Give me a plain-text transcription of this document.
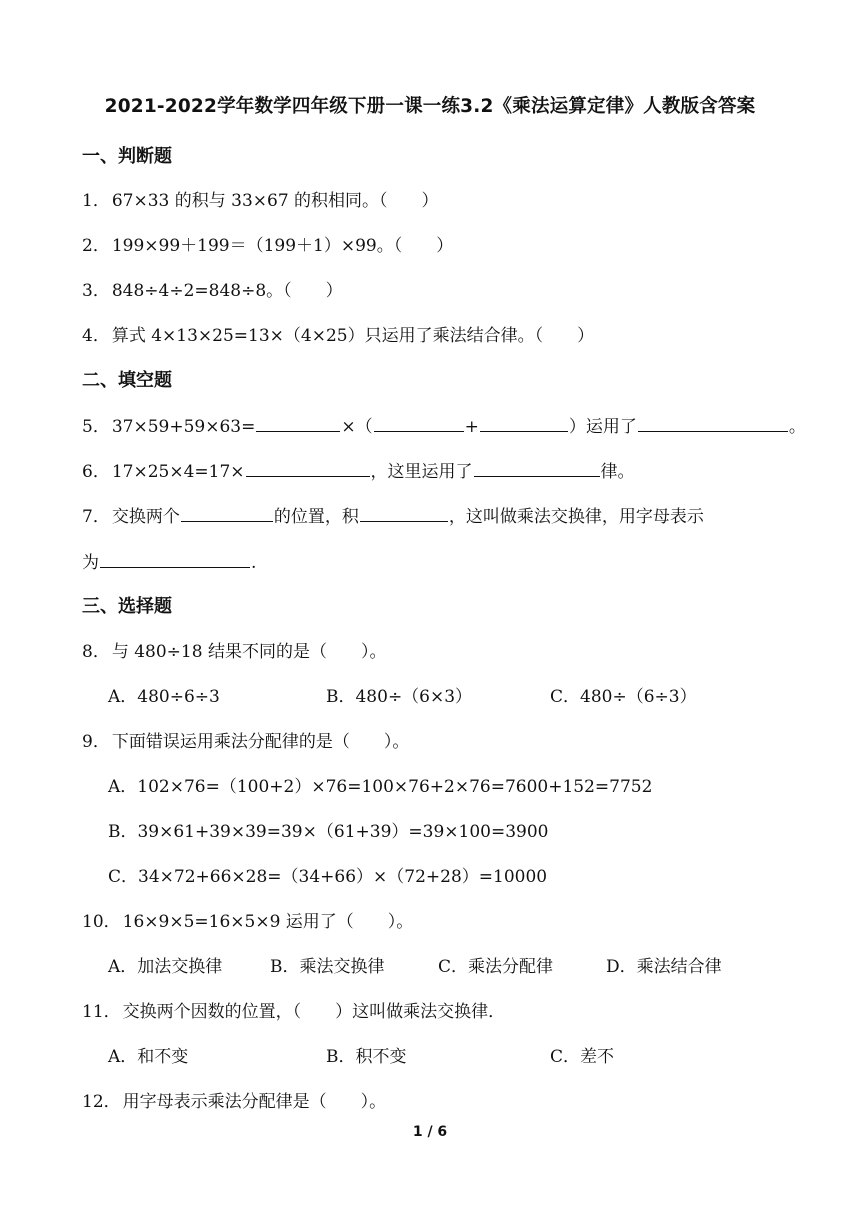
2021-2022学年数学四年级下册一课一练3.2《乘法运算定律》人教版含答案
一、判断题
1． 67×33 的积与 33×67 的积相同。（　　）
2． 199×99＋199＝（199＋1）×99。（　　）
3． 848÷4÷2=848÷8。（　　）
4． 算式 4×13×25=13×（4×25）只运用了乘法结合律。（　　）
二、填空题
5． 37×59+59×63=	×（	+	）运用了	。
6． 17×25×4=17×	，这里运用了	律。
7． 交换两个	的位置，积	，这叫做乘法交换律，用字母表示
为	.
三、选择题
8． 与 480÷18 结果不同的是（　　）。
A．480÷6÷3	B．480÷（6×3）	C．480÷（6÷3）
9． 下面错误运用乘法分配律的是（　　）。
A．102×76=（100+2）×76=100×76+2×76=7600+152=7752
B．39×61+39×39=39×（61+39）=39×100=3900
C．34×72+66×28=（34+66）×（72+28）=10000
10． 16×9×5=16×5×9 运用了（　　）。
A．加法交换律	B．乘法交换律	C．乘法分配律	D．乘法结合律
11． 交换两个因数的位置，（　　）这叫做乘法交换律．
A．和不变	B．积不变	C．差不
12． 用字母表示乘法分配律是（　　）。
1 / 6
